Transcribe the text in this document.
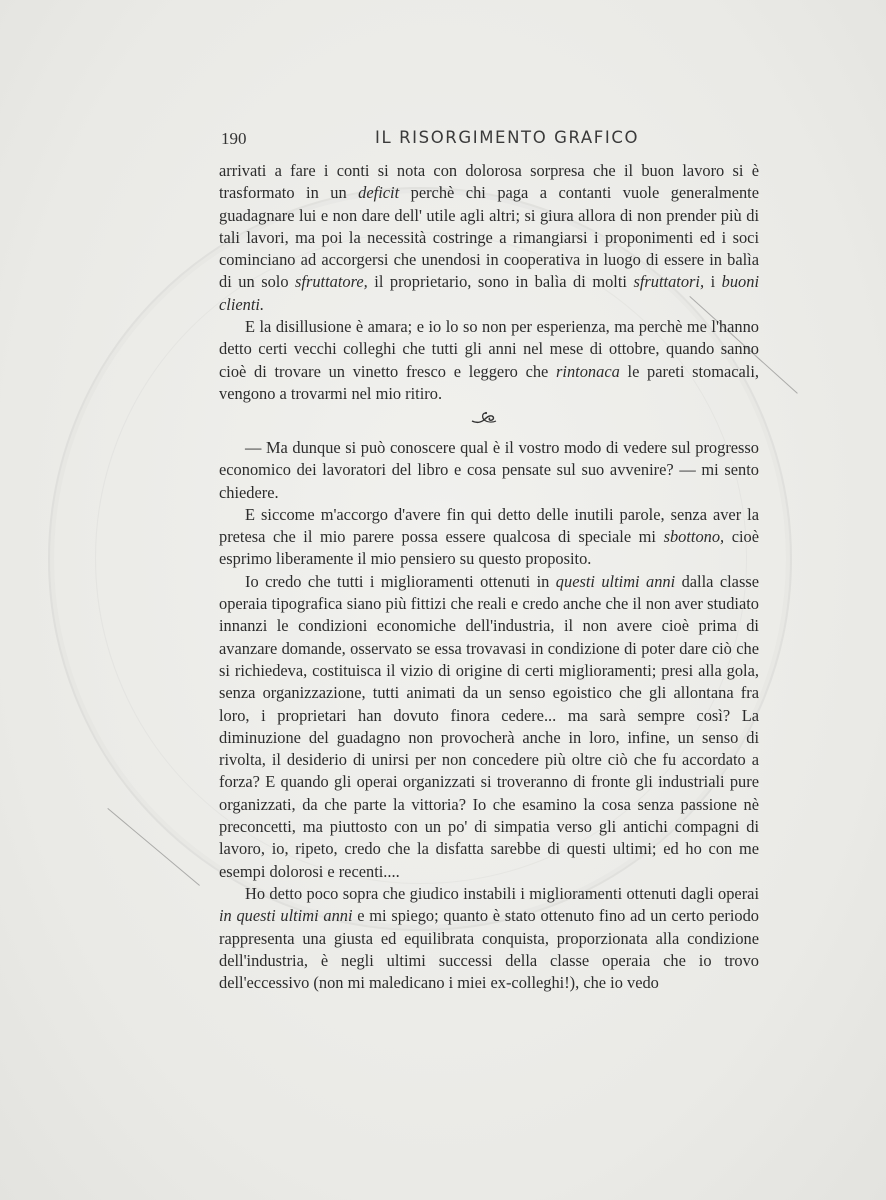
190	IL RISORGIMENTO GRAFICO

arrivati a fare i conti si nota con dolorosa sorpresa che il buon lavoro si è trasformato in un deficit perchè chi paga a contanti vuole generalmente guadagnare lui e non dare dell' utile agli altri; si giura allora di non prender più di tali lavori, ma poi la necessità costringe a rimangiarsi i proponimenti ed i soci cominciano ad accorgersi che unendosi in cooperativa in luogo di essere in balìa di un solo sfruttatore, il proprietario, sono in balìa di molti sfruttatori, i buoni clienti.

E la disillusione è amara; e io lo so non per esperienza, ma perchè me l'hanno detto certi vecchi colleghi che tutti gli anni nel mese di ottobre, quando sanno cioè di trovare un vinetto fresco e leggero che rintonaca le pareti stomacali, vengono a trovarmi nel mio ritiro.

— Ma dunque si può conoscere qual è il vostro modo di vedere sul progresso economico dei lavoratori del libro e cosa pensate sul suo avvenire? — mi sento chiedere.

E siccome m'accorgo d'avere fin qui detto delle inutili parole, senza aver la pretesa che il mio parere possa essere qualcosa di speciale mi sbottono, cioè esprimo liberamente il mio pensiero su questo proposito.

Io credo che tutti i miglioramenti ottenuti in questi ultimi anni dalla classe operaia tipografica siano più fittizi che reali e credo anche che il non aver studiato innanzi le condizioni economiche dell'industria, il non avere cioè prima di avanzare domande, osservato se essa trovavasi in condizione di poter dare ciò che si richiedeva, costituisca il vizio di origine di certi miglioramenti; presi alla gola, senza organizzazione, tutti animati da un senso egoistico che gli allontana fra loro, i proprietari han dovuto finora cedere... ma sarà sempre così? La diminuzione del guadagno non provocherà anche in loro, infine, un senso di rivolta, il desiderio di unirsi per non concedere più oltre ciò che fu accordato a forza? E quando gli operai organizzati si troveranno di fronte gli industriali pure organizzati, da che parte la vittoria? Io che esamino la cosa senza passione nè preconcetti, ma piuttosto con un po' di simpatia verso gli antichi compagni di lavoro, io, ripeto, credo che la disfatta sarebbe di questi ultimi; ed ho con me esempi dolorosi e recenti....

Ho detto poco sopra che giudico instabili i miglioramenti ottenuti dagli operai in questi ultimi anni e mi spiego; quanto è stato ottenuto fino ad un certo periodo rappresenta una giusta ed equilibrata conquista, proporzionata alla condizione dell'industria, è negli ultimi successi della classe operaia che io trovo dell'eccessivo (non mi maledicano i miei ex-colleghi!), che io vedo
